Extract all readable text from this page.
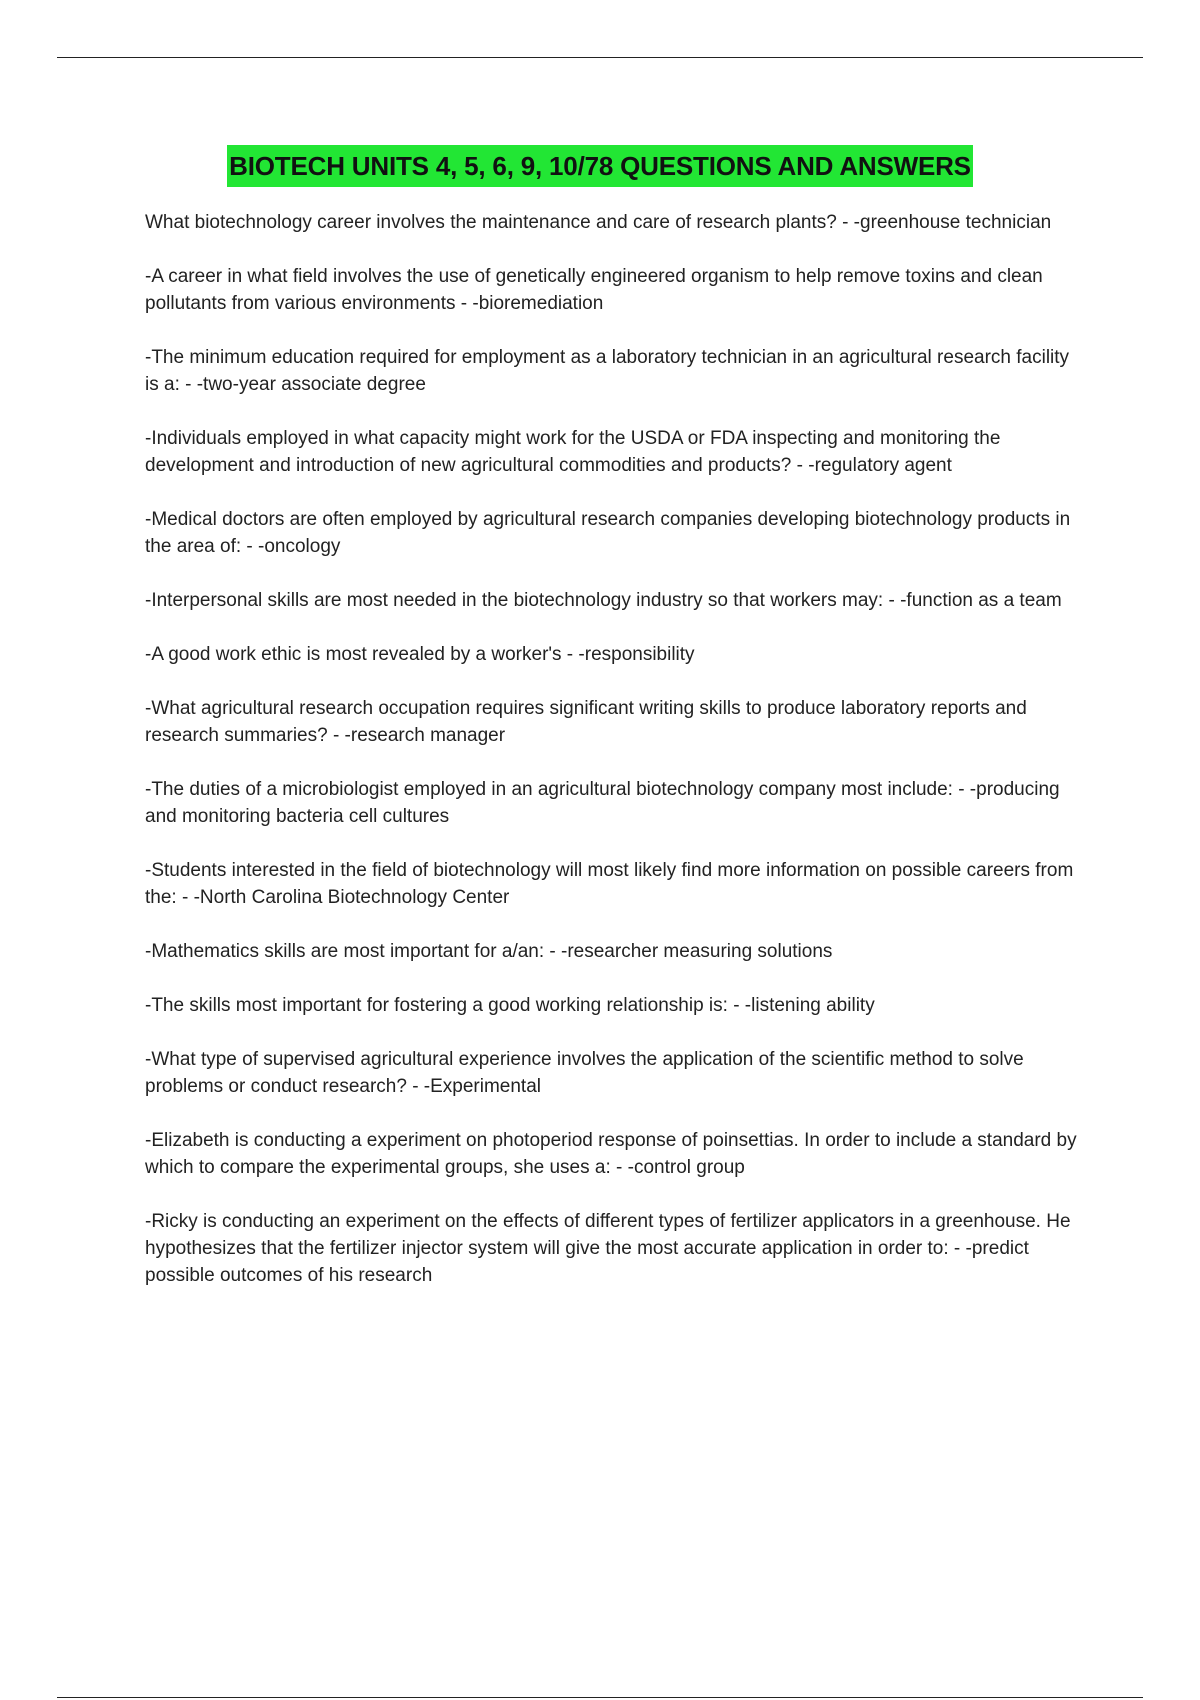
BIOTECH UNITS 4, 5, 6, 9, 10/78 QUESTIONS AND ANSWERS
What biotechnology career involves the maintenance and care of research plants? - -greenhouse technician
-A career in what field involves the use of genetically engineered organism to help remove toxins and clean pollutants from various environments - -bioremediation
-The minimum education required for employment as a laboratory technician in an agricultural research facility is a: - -two-year associate degree
-Individuals employed in what capacity might work for the USDA or FDA inspecting and monitoring the development and introduction of new agricultural commodities and products? - -regulatory agent
-Medical doctors are often employed by agricultural research companies developing biotechnology products in the area of: - -oncology
-Interpersonal skills are most needed in the biotechnology industry so that workers may: - -function as a team
-A good work ethic is most revealed by a worker's - -responsibility
-What agricultural research occupation requires significant writing skills to produce laboratory reports and research summaries? - -research manager
-The duties of a microbiologist employed in an agricultural biotechnology company most include: - -producing and monitoring bacteria cell cultures
-Students interested in the field of biotechnology will most likely find more information on possible careers from the: - -North Carolina Biotechnology Center
-Mathematics skills are most important for a/an: - -researcher measuring solutions
-The skills most important for fostering a good working relationship is: - -listening ability
-What type of supervised agricultural experience involves the application of the scientific method to solve problems or conduct research? - -Experimental
-Elizabeth is conducting a experiment on photoperiod response of poinsettias. In order to include a standard by which to compare the experimental groups, she uses a: - -control group
-Ricky is conducting an experiment on the effects of different types of fertilizer applicators in a greenhouse. He hypothesizes that the fertilizer injector system will give the most accurate application in order to: - -predict possible outcomes of his research
